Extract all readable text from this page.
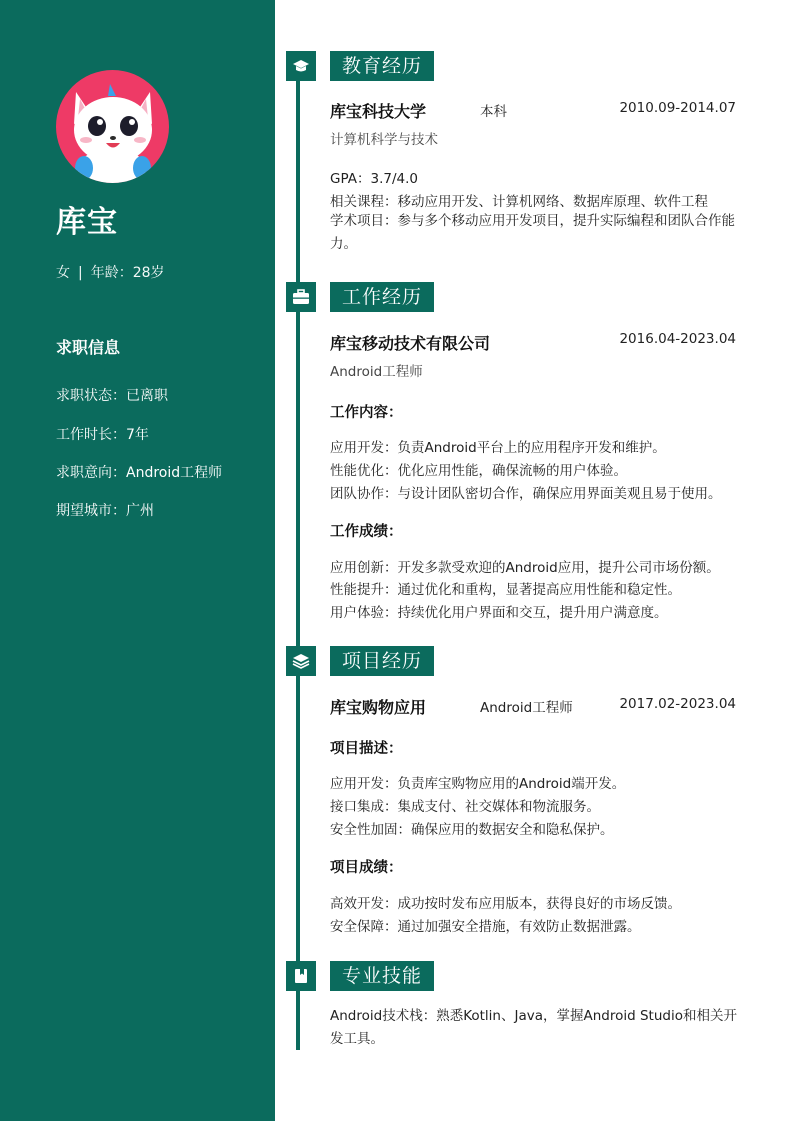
库宝
女 | 年龄：28岁
求职信息
求职状态：已离职
工作时长：7年
求职意向：Android工程师
期望城市：广州
教育经历
库宝科技大学	本科	2010.09-2014.07
计算机科学与技术
GPA：3.7/4.0
相关课程：移动应用开发、计算机网络、数据库原理、软件工程
学术项目：参与多个移动应用开发项目，提升实际编程和团队合作能力。
工作经历
库宝移动技术有限公司	2016.04-2023.04
Android工程师
工作内容：
应用开发：负责Android平台上的应用程序开发和维护。
性能优化：优化应用性能，确保流畅的用户体验。
团队协作：与设计团队密切合作，确保应用界面美观且易于使用。
工作成绩：
应用创新：开发多款受欢迎的Android应用，提升公司市场份额。
性能提升：通过优化和重构，显著提高应用性能和稳定性。
用户体验：持续优化用户界面和交互，提升用户满意度。
项目经历
库宝购物应用	Android工程师	2017.02-2023.04
项目描述：
应用开发：负责库宝购物应用的Android端开发。
接口集成：集成支付、社交媒体和物流服务。
安全性加固：确保应用的数据安全和隐私保护。
项目成绩：
高效开发：成功按时发布应用版本，获得良好的市场反馈。
安全保障：通过加强安全措施，有效防止数据泄露。
专业技能
Android技术栈：熟悉Kotlin、Java，掌握Android Studio和相关开发工具。
